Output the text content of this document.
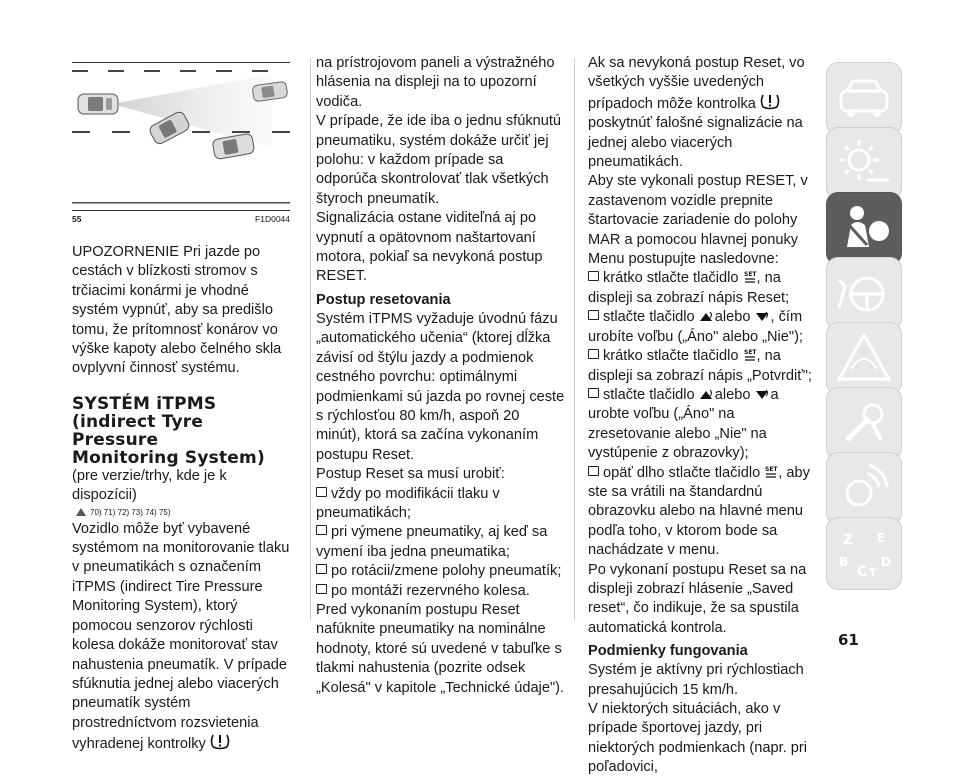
55	F1D0044

UPOZORNENIE Pri jazde po cestách v blízkosti stromov s trčiacimi konármi je vhodné systém vypnúť, aby sa predišlo tomu, že prítomnosť konárov vo výške kapoty alebo čelného skla ovplyvní činnosť systému.

SYSTÉM iTPMS

(indirect Tyre Pressure

Monitoring System)

(pre verzie/trhy, kde je k dispozícii)

70) 71) 72) 73) 74) 75)

Vozidlo môže byť vybavené systémom na monitorovanie tlaku v pneumatikách s označením iTPMS (indirect Tire Pressure Monitoring System), ktorý pomocou senzorov rýchlosti kolesa dokáže monitorovať stav nahustenia pneumatík. V prípade sfúknutia jednej alebo viacerých pneumatík systém prostredníctvom rozsvietenia vyhradenej kontrolky

na prístrojovom paneli a výstražného hlásenia na displeji na to upozorní vodiča.

V prípade, že ide iba o jednu sfúknutú pneumatiku, systém dokáže určiť jej polohu: v každom prípade sa odporúča skontrolovať tlak všetkých štyroch pneumatík.

Signalizácia ostane viditeľná aj po vypnutí a opätovnom naštartovaní motora, pokiaľ sa nevykoná postup RESET.

Postup resetovania

Systém iTPMS vyžaduje úvodnú fázu „automatického učenia“ (ktorej dĺžka závisí od štýlu jazdy a podmienok cestného povrchu: optimálnymi podmienkami sú jazda po rovnej ceste s rýchlosťou 80 km/h, aspoň 20 minút), ktorá sa začína vykonaním postupu Reset.

Postup Reset sa musí urobiť:

vždy po modifikácii tlaku v pneumatikách;

pri výmene pneumatiky, aj keď sa vymení iba jedna pneumatika;

po rotácii/zmene polohy pneumatík;

po montáži rezervného kolesa.

Pred vykonaním postupu Reset nafúknite pneumatiky na nominálne hodnoty, ktoré sú uvedené v tabuľke s tlakmi nahustenia (pozrite odsek „Kolesá" v kapitole „Technické údaje").

Ak sa nevykoná postup Reset, vo všetkých vyššie uvedených prípadoch môže kontrolka poskytnúť falošné signalizácie na jednej alebo viacerých pneumatikách.

Aby ste vykonali postup RESET, v zastavenom vozidle prepnite štartovacie zariadenie do polohy MAR a pomocou hlavnej ponuky Menu postupujte nasledovne:

krátko stlačte tlačidlo SET , na displeji sa zobrazí nápis Reset;

stlačte tlačidlo alebo , čím urobíte voľbu („Áno" alebo „Nie");

krátko stlačte tlačidlo SET , na displeji sa zobrazí nápis „Potvrdiť";

stlačte tlačidlo alebo a urobte voľbu („Áno" na zresetovanie alebo „Nie" na vystúpenie z obrazovky);

opäť dlho stlačte tlačidlo SET , aby ste sa vrátili na štandardnú obrazovku alebo na hlavné menu podľa toho, v ktorom bode sa nachádzate v menu.

Po vykonaní postupu Reset sa na displeji zobrazí hlásenie „Saved reset“, čo indikuje, že sa spustila automatická kontrola.

Podmienky fungovania

Systém je aktívny pri rýchlostiach presahujúcich 15 km/h.

V niektorých situáciách, ako v prípade športovej jazdy, pri niektorých podmienkach (napr. pri poľadovici,

Z E
B
C T
D
61
